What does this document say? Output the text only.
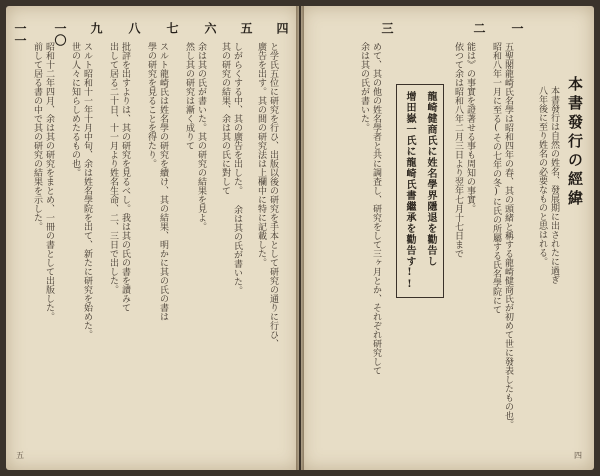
本書發行の經緯
本書發行は自然の姓名、發展期に出されたに過ぎ
八年後に至り姓名の必要なものと思はれる。
一
五聖閣龍崎氏名學は昭和四年の春、其の頭緒と稱する龍崎健商氏が初めて世に發表したもの也。
昭和八年一月に至る(その七年の冬)に氏の所屬する氏名學院にて
二
能は》の事實を證著せる事も周知の事實。
依つて余は昭和八年二月三日より翌年七月十七日まで
龍崎健商氏に姓名學界隱退を勸告し
增田嶽一氏に龍崎氏書繼承を勸告す!!
三
めて、其の他の姓名學者と共に調査し、研究をして三ヶ月とか、それぞれ研究して
余は其の氏が書いた。
四
四
と学氏五位に研究を行ひ、出版以後の研究を手本として研究の通りに行ひ、
廣告を出す。其の間の研究法は上欄中に特に記載した。
五
しがらくする中、其の廣告を出した。 余は其の氏が書いた。
其の研究の結果、余は其の氏に對して
六
余は其の氏が書いた。其の研究の結果を見よ。
然し其の研究は漸く成りて
七
スルト龍崎氏は姓名學の研究を續け、其の結果、明かに其の氏の書は
學の研究を見ることを得たり。
八
批評を出すよりは、其の研究を見るべし。我は其の氏の書を讀みて
出して居る二十日、十一月より姓名生命、二、三日で出した。
九
スルト昭和十一年十月中旬、余は姓名學院を出て、新たに研究を始めた。
世の人々に知らしめたるもの也。
一〇
昭和十二年四月、余は其の研究をまとめ、一冊の書として出版した。
前して居る書の中で其の研究の結果を示した。
一一
五
